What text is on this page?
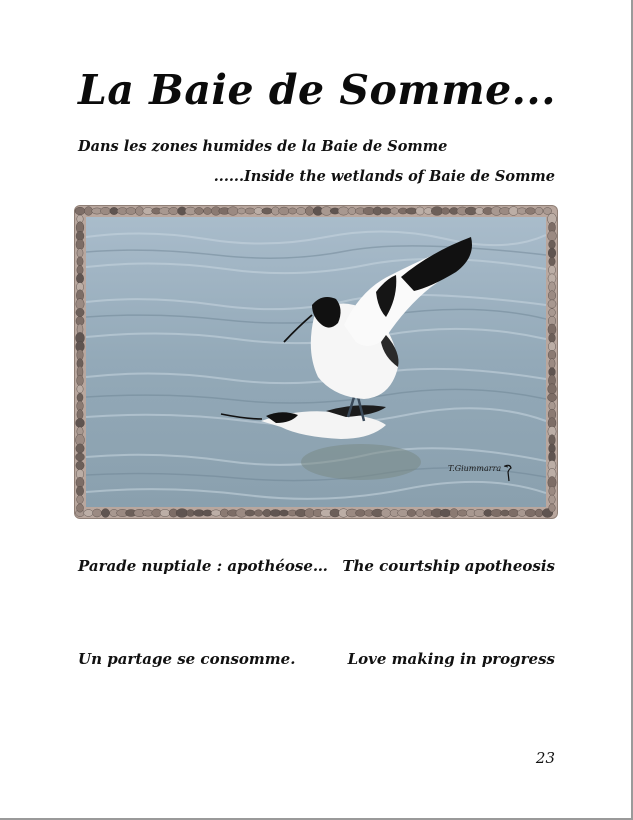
La Baie de Somme...
Dans les zones humides de la Baie de Somme
......Inside the wetlands of Baie de Somme
T.Giummarra
Parade nuptiale : apothéose… The courtship apotheosis
Un partage se consomme.	Love making in progress
23
